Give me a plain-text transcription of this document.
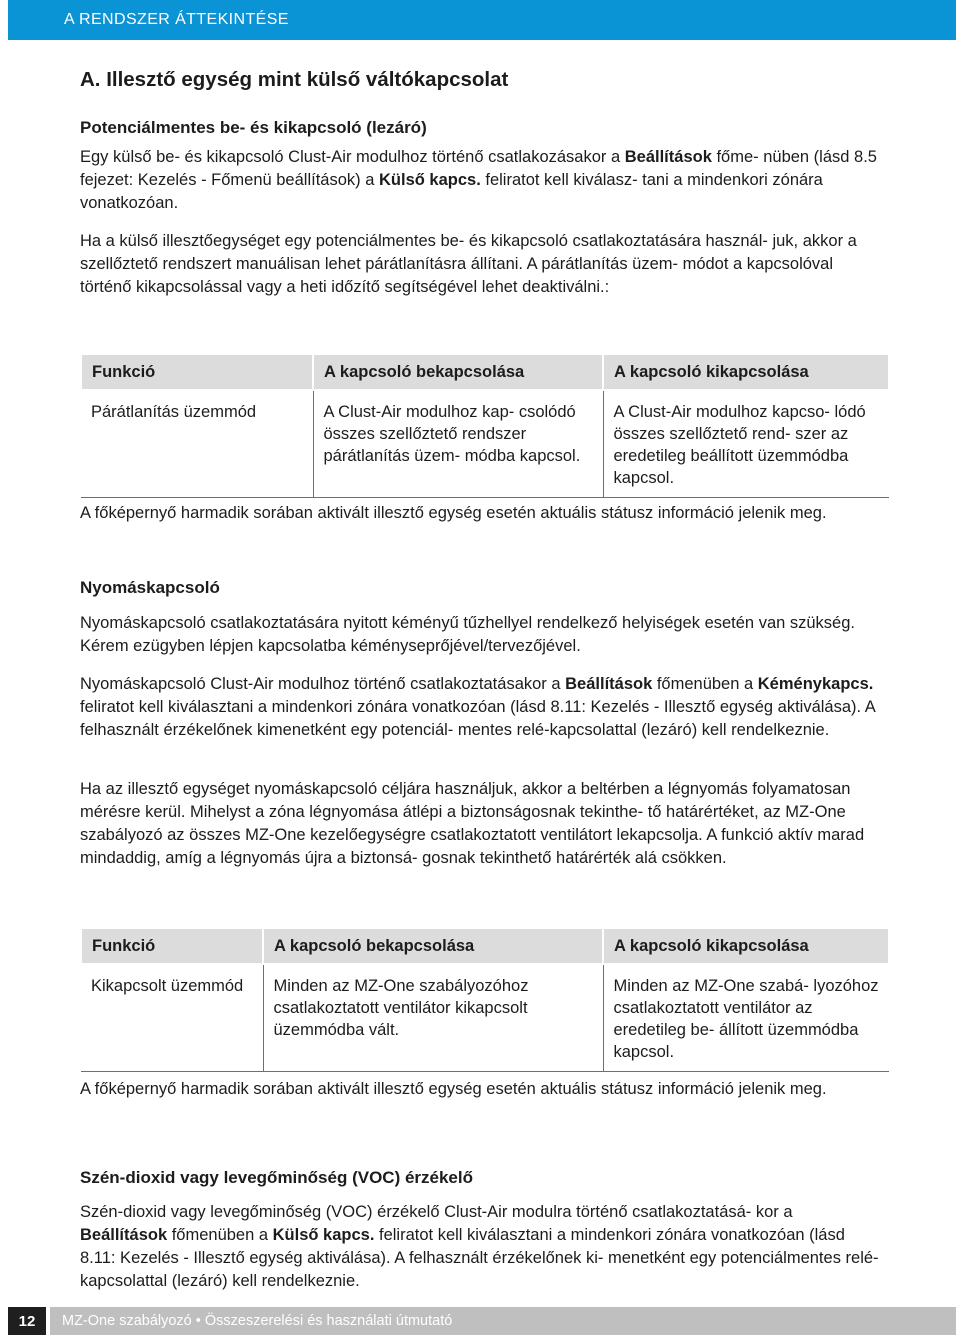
A RENDSZER ÁTTEKINTÉSE
A. Illesztő egység mint külső váltókapcsolat
Potenciálmentes be- és kikapcsoló (lezáró)

Egy külső be- és kikapcsoló Clust-Air modulhoz történő csatlakozásakor a Beállítások főme- nüben (lásd 8.5 fejezet: Kezelés - Főmenü beállítások) a Külső kapcs. feliratot kell kiválasz- tani a mindenkori zónára vonatkozóan.

Ha a külső illesztőegységet egy potenciálmentes be- és kikapcsoló csatlakoztatására használ- juk, akkor a szellőztető rendszert manuálisan lehet párátlanításra állítani. A párátlanítás üzem- módot a kapcsolóval történő kikapcsolással vagy a heti időzítő segítségével lehet deaktiválni.:

Funkció	A kapcsoló bekapcsolása	A kapcsoló kikapcsolása
Párátlanítás üzemmód	A Clust-Air modulhoz kap- csolódó összes szellőztető rendszer párátlanítás üzem- módba kapcsol.	A Clust-Air modulhoz kapcso- lódó összes szellőztető rend- szer az eredetileg beállított üzemmódba kapcsol.

A főképernyő harmadik sorában aktivált illesztő egység esetén aktuális státusz információ jelenik meg.

Nyomáskapcsoló

Nyomáskapcsoló csatlakoztatására nyitott kéményű tűzhellyel rendelkező helyiségek esetén van szükség. Kérem ezügyben lépjen kapcsolatba kéményseprőjével/tervezőjével.

Nyomáskapcsoló Clust-Air modulhoz történő csatlakoztatásakor a Beállítások főmenüben a Kéménykapcs. feliratot kell kiválasztani a mindenkori zónára vonatkozóan (lásd 8.11: Kezelés - Illesztő egység aktiválása). A felhasznált érzékelőnek kimenetként egy potenciál- mentes relé-kapcsolattal (lezáró) kell rendelkeznie.

Ha az illesztő egységet nyomáskapcsoló céljára használjuk, akkor a beltérben a légnyomás folyamatosan mérésre kerül. Mihelyst a zóna légnyomása átlépi a biztonságosnak tekinthe- tő határértéket, az MZ-One szabályozó az összes MZ-One kezelőegységre csatlakoztatott ventilátort lekapcsolja. A funkció aktív marad mindaddig, amíg a légnyomás újra a biztonsá- gosnak tekinthető határérték alá csökken.

Funkció	A kapcsoló bekapcsolása	A kapcsoló kikapcsolása
Kikapcsolt üzemmód	Minden az MZ-One szabályozóhoz csatlakoztatott ventilátor kikapcsolt üzemmódba vált.	Minden az MZ-One szabá- lyozóhoz csatlakoztatott ventilátor az eredetileg be- állított üzemmódba kapcsol.

A főképernyő harmadik sorában aktivált illesztő egység esetén aktuális státusz információ jelenik meg.

Szén-dioxid vagy levegőminőség (VOC) érzékelő

Szén-dioxid vagy levegőminőség (VOC) érzékelő Clust-Air modulra történő csatlakoztatásá- kor a Beállítások főmenüben a Külső kapcs. feliratot kell kiválasztani a mindenkori zónára vonatkozóan (lásd 8.11: Kezelés - Illesztő egység aktiválása). A felhasznált érzékelőnek ki- menetként egy potenciálmentes relé-kapcsolattal (lezáró) kell rendelkeznie.

12	MZ-One szabályozó • Összeszerelési és használati útmutató
